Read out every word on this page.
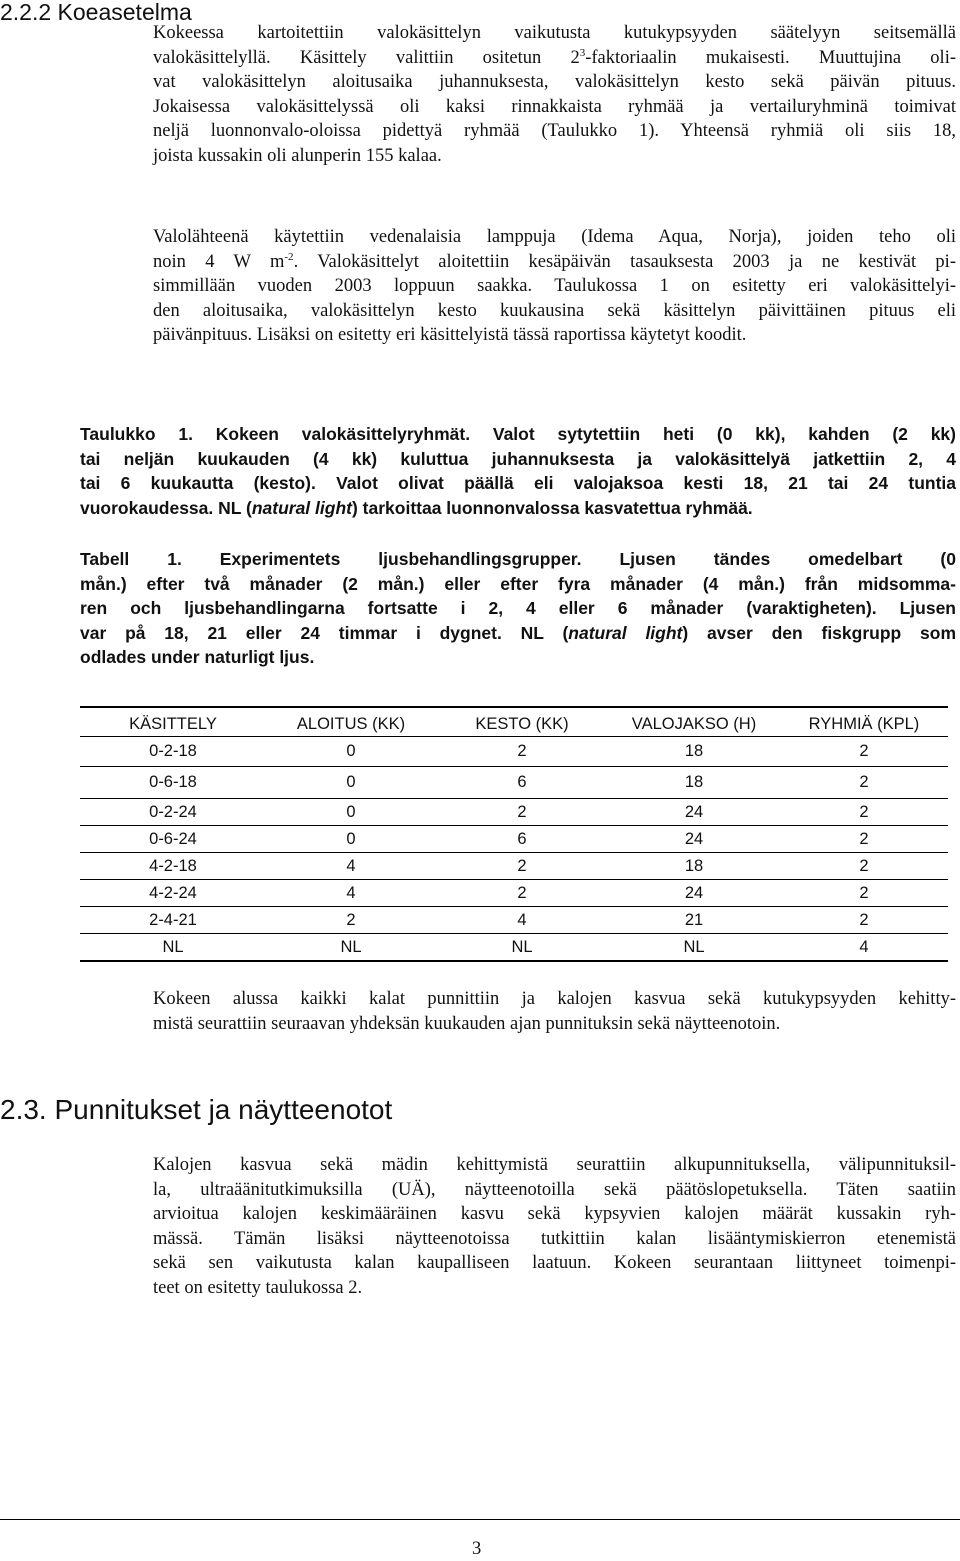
2.2.2 Koeasetelma
Kokeessa kartoitettiin valokäsittelyn vaikutusta kutukypsyyden säätelyyn seitsemällä
valokäsittelyllä. Käsittely valittiin ositetun $2^3$-faktoriaalin mukaisesti. Muuttujina oli-
vat valokäsittelyn aloitusaika juhannuksesta, valokäsittelyn kesto sekä päivän pituus.
Jokaisessa valokäsittelyssä oli kaksi rinnakkaista ryhmää ja vertailuryhminä toimivat
neljä luonnonvalo-oloissa pidettyä ryhmää (Taulukko 1). Yhteensä ryhmiä oli siis 18,
joista kussakin oli alunperin 155 kalaa.
Valolähteenä käytettiin vedenalaisia lamppuja (Idema Aqua, Norja), joiden teho oli
noin 4 W $m^{-2}$. Valokäsittelyt aloitettiin kesäpäivän tasauksesta 2003 ja ne kestivät pi-
simmillään vuoden 2003 loppuun saakka. Taulukossa 1 on esitetty eri valokäsittelyi-
den aloitusaika, valokäsittelyn kesto kuukausina sekä käsittelyn päivittäinen pituus eli
päivänpituus. Lisäksi on esitetty eri käsittelyistä tässä raportissa käytetyt koodit.
Taulukko 1. Kokeen valokäsittelyryhmät. Valot sytytettiin heti (0 kk), kahden (2 kk)
tai neljän kuukauden (4 kk) kuluttua juhannuksesta ja valokäsittelyä jatkettiin 2, 4
tai 6 kuukautta (kesto). Valot olivat päällä eli valojaksoa kesti 18, 21 tai 24 tuntia
vuorokaudessa. NL (natural light) tarkoittaa luonnonvalossa kasvatettua ryhmää.
Tabell 1. Experimentets ljusbehandlingsgrupper. Ljusen tändes omedelbart (0
mån.) efter två månader (2 mån.) eller efter fyra månader (4 mån.) från midsomma-
ren och ljusbehandlingarna fortsatte i 2, 4 eller 6 månader (varaktigheten). Ljusen
var på 18, 21 eller 24 timmar i dygnet. NL (natural light) avser den fiskgrupp som
odlades under naturligt ljus.
KÄSITTELY	ALOITUS (KK)	KESTO (KK)	VALOJAKSO (H)	RYHMIÄ (KPL)
0-2-18	0	2	18	2
0-6-18	0	6	18	2
0-2-24	0	2	24	2
0-6-24	0	6	24	2
4-2-18	4	2	18	2
4-2-24	4	2	24	2
2-4-21	2	4	21	2
NL	NL	NL	NL	4
Kokeen alussa kaikki kalat punnittiin ja kalojen kasvua sekä kutukypsyyden kehitty-
mistä seurattiin seuraavan yhdeksän kuukauden ajan punnituksin sekä näytteenotoin.
2.3. Punnitukset ja näytteenotot
Kalojen kasvua sekä mädin kehittymistä seurattiin alkupunnituksella, välipunnituksil-
la, ultraäänitutkimuksilla (UÄ), näytteenotoilla sekä päätöslopetuksella. Täten saatiin
arvioitua kalojen keskimääräinen kasvu sekä kypsyvien kalojen määrät kussakin ryh-
mässä. Tämän lisäksi näytteenotoissa tutkittiin kalan lisääntymiskierron etenemistä
sekä sen vaikutusta kalan kaupalliseen laatuun. Kokeen seurantaan liittyneet toimenpi-
teet on esitetty taulukossa 2.
3
